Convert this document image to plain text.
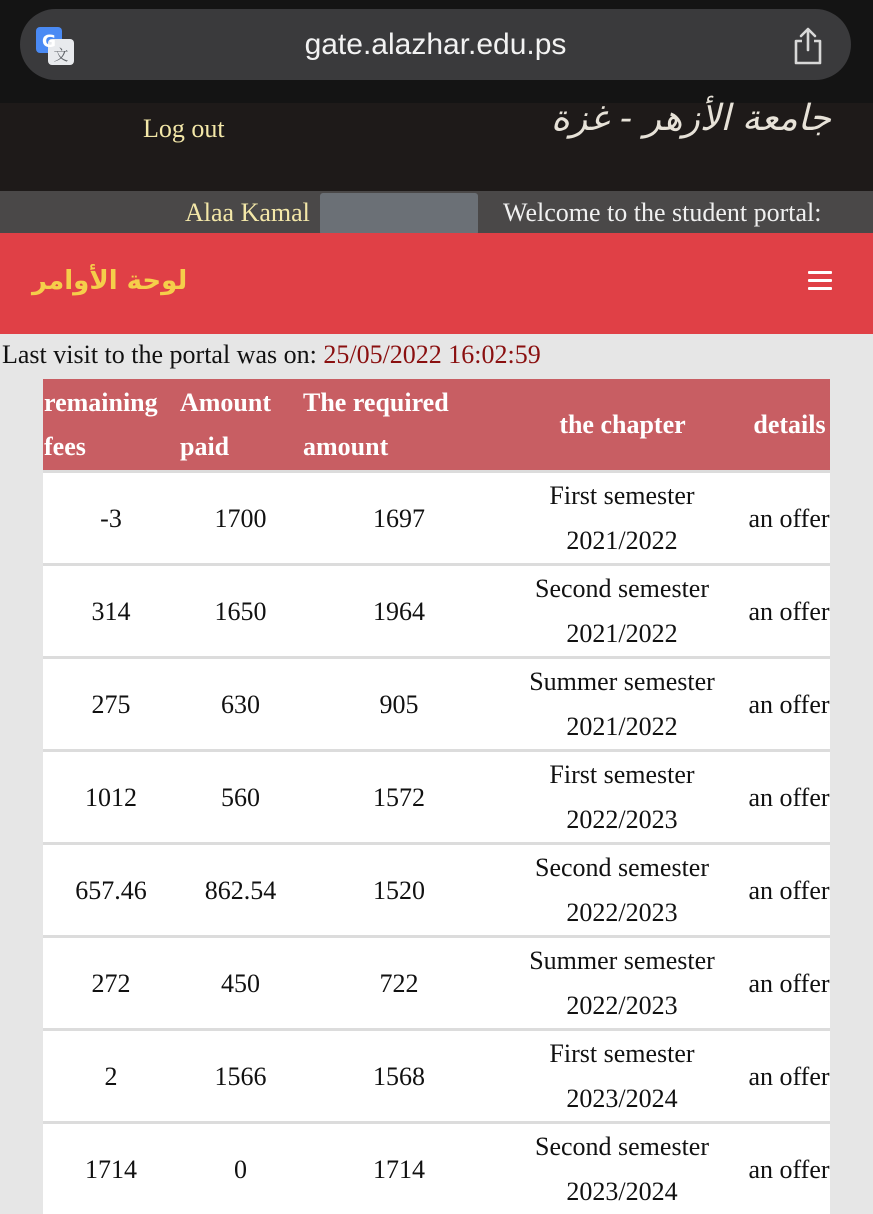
G
文	gate.alazhar.edu.ps
Log out	جامعة الأزهر - غزة
Alaa Kamal	Welcome to the student portal:
لوحة الأوامر
Last visit to the portal was on: 25/05/2022 16:02:59
remaining fees	Amount paid	The required amount	the chapter	details
-3	1700	1697	First semester 2021/2022	an offer
314	1650	1964	Second semester 2021/2022	an offer
275	630	905	Summer semester 2021/2022	an offer
1012	560	1572	First semester 2022/2023	an offer
657.46	862.54	1520	Second semester 2022/2023	an offer
272	450	722	Summer semester 2022/2023	an offer
2	1566	1568	First semester 2023/2024	an offer
1714	0	1714	Second semester 2023/2024	an offer
